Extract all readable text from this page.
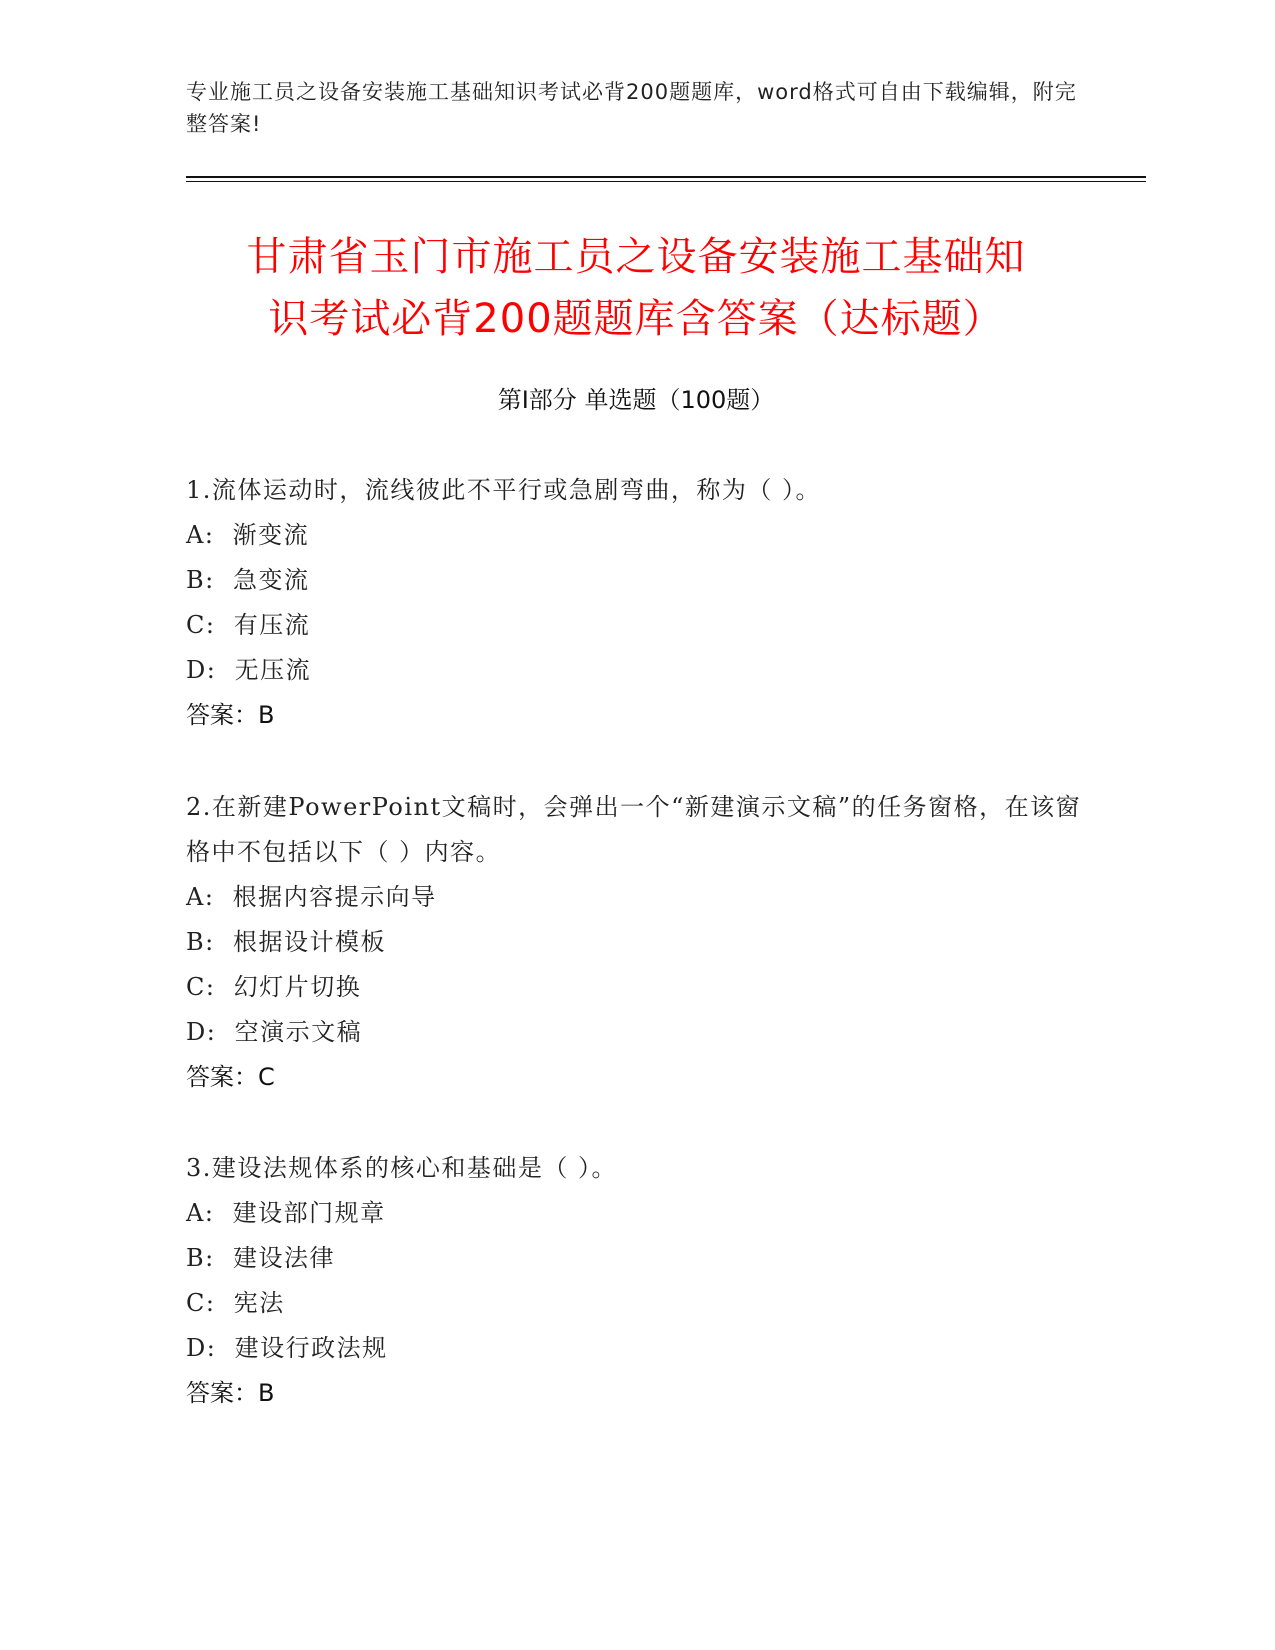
专业施工员之设备安装施工基础知识考试必背200题题库，word格式可自由下载编辑，附完整答案!
甘肃省玉门市施工员之设备安装施工基础知
识考试必背200题题库含答案（达标题）
第I部分 单选题（100题）

1.流体运动时，流线彼此不平行或急剧弯曲，称为（ ）。

A:  渐变流

B:  急变流

C:  有压流

D:  无压流

答案：B

2.在新建PowerPoint文稿时，会弹出一个“新建演示文稿”的任务窗格，在该窗格中不包括以下（ ）内容。

A:  根据内容提示向导

B:  根据设计模板

C:  幻灯片切换

D:  空演示文稿

答案：C

3.建设法规体系的核心和基础是（ ）。

A:  建设部门规章

B:  建设法律

C:  宪法

D:  建设行政法规

答案：B
